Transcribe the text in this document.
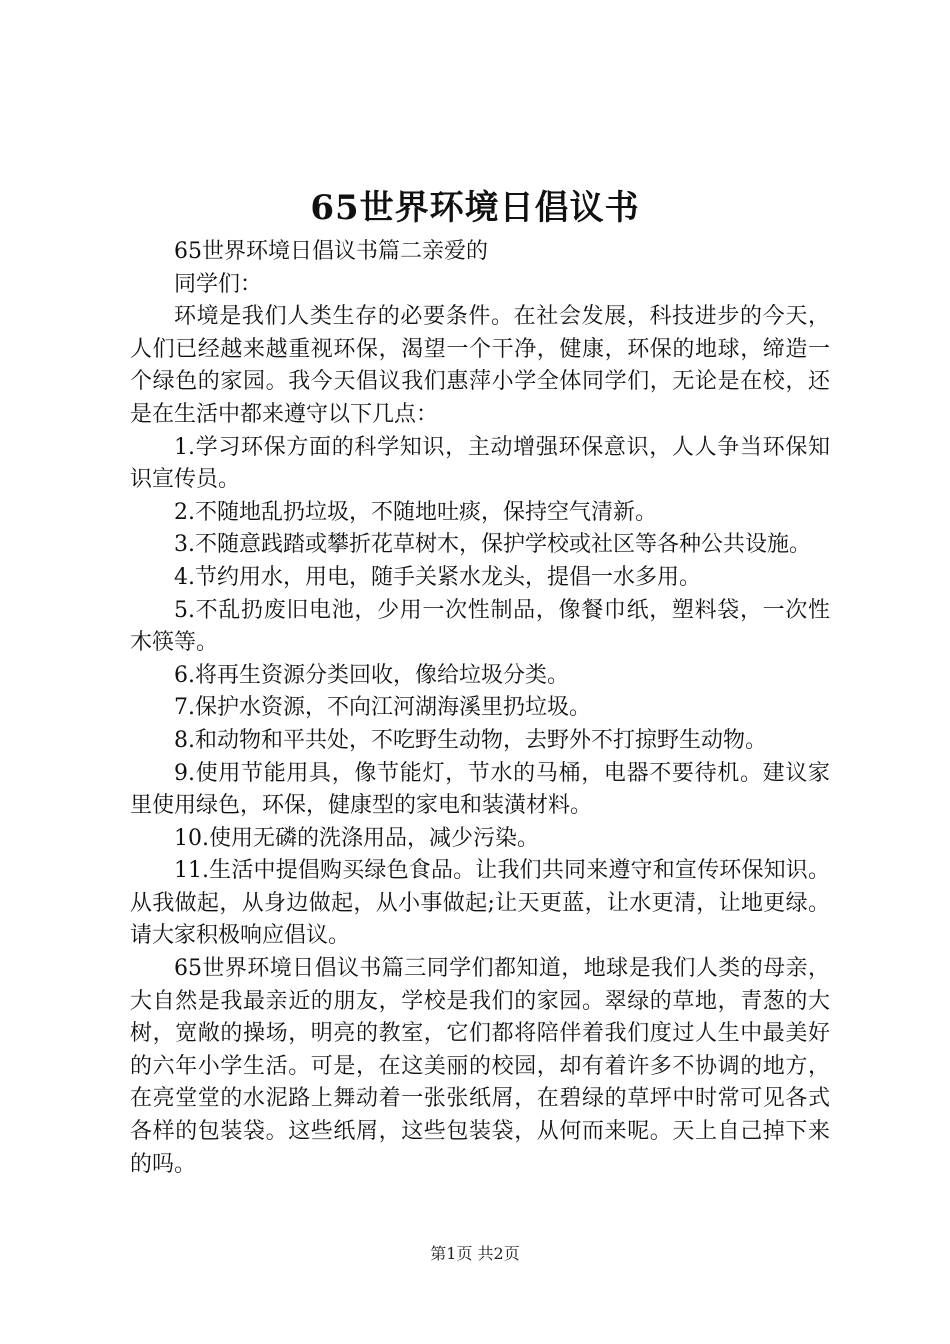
65世界环境日倡议书

65世界环境日倡议书篇二亲爱的

同学们：

环境是我们人类生存的必要条件。在社会发展，科技进步的今天，人们已经越来越重视环保，渴望一个干净，健康，环保的地球，缔造一个绿色的家园。我今天倡议我们惠萍小学全体同学们，无论是在校，还是在生活中都来遵守以下几点：

1.学习环保方面的科学知识，主动增强环保意识，人人争当环保知识宣传员。

2.不随地乱扔垃圾，不随地吐痰，保持空气清新。

3.不随意践踏或攀折花草树木，保护学校或社区等各种公共设施。

4.节约用水，用电，随手关紧水龙头，提倡一水多用。

5.不乱扔废旧电池，少用一次性制品，像餐巾纸，塑料袋，一次性木筷等。

6.将再生资源分类回收，像给垃圾分类。

7.保护水资源，不向江河湖海溪里扔垃圾。

8.和动物和平共处，不吃野生动物，去野外不打掠野生动物。

9.使用节能用具，像节能灯，节水的马桶，电器不要待机。建议家里使用绿色，环保，健康型的家电和装潢材料。

10.使用无磷的洗涤用品，减少污染。

11.生活中提倡购买绿色食品。让我们共同来遵守和宣传环保知识。从我做起，从身边做起，从小事做起;让天更蓝，让水更清，让地更绿。请大家积极响应倡议。

65世界环境日倡议书篇三同学们都知道，地球是我们人类的母亲，大自然是我最亲近的朋友，学校是我们的家园。翠绿的草地，青葱的大树，宽敞的操场，明亮的教室，它们都将陪伴着我们度过人生中最美好的六年小学生活。可是，在这美丽的校园，却有着许多不协调的地方，在亮堂堂的水泥路上舞动着一张张纸屑，在碧绿的草坪中时常可见各式各样的包装袋。这些纸屑，这些包装袋，从何而来呢。天上自己掉下来的吗。

第1页 共2页
